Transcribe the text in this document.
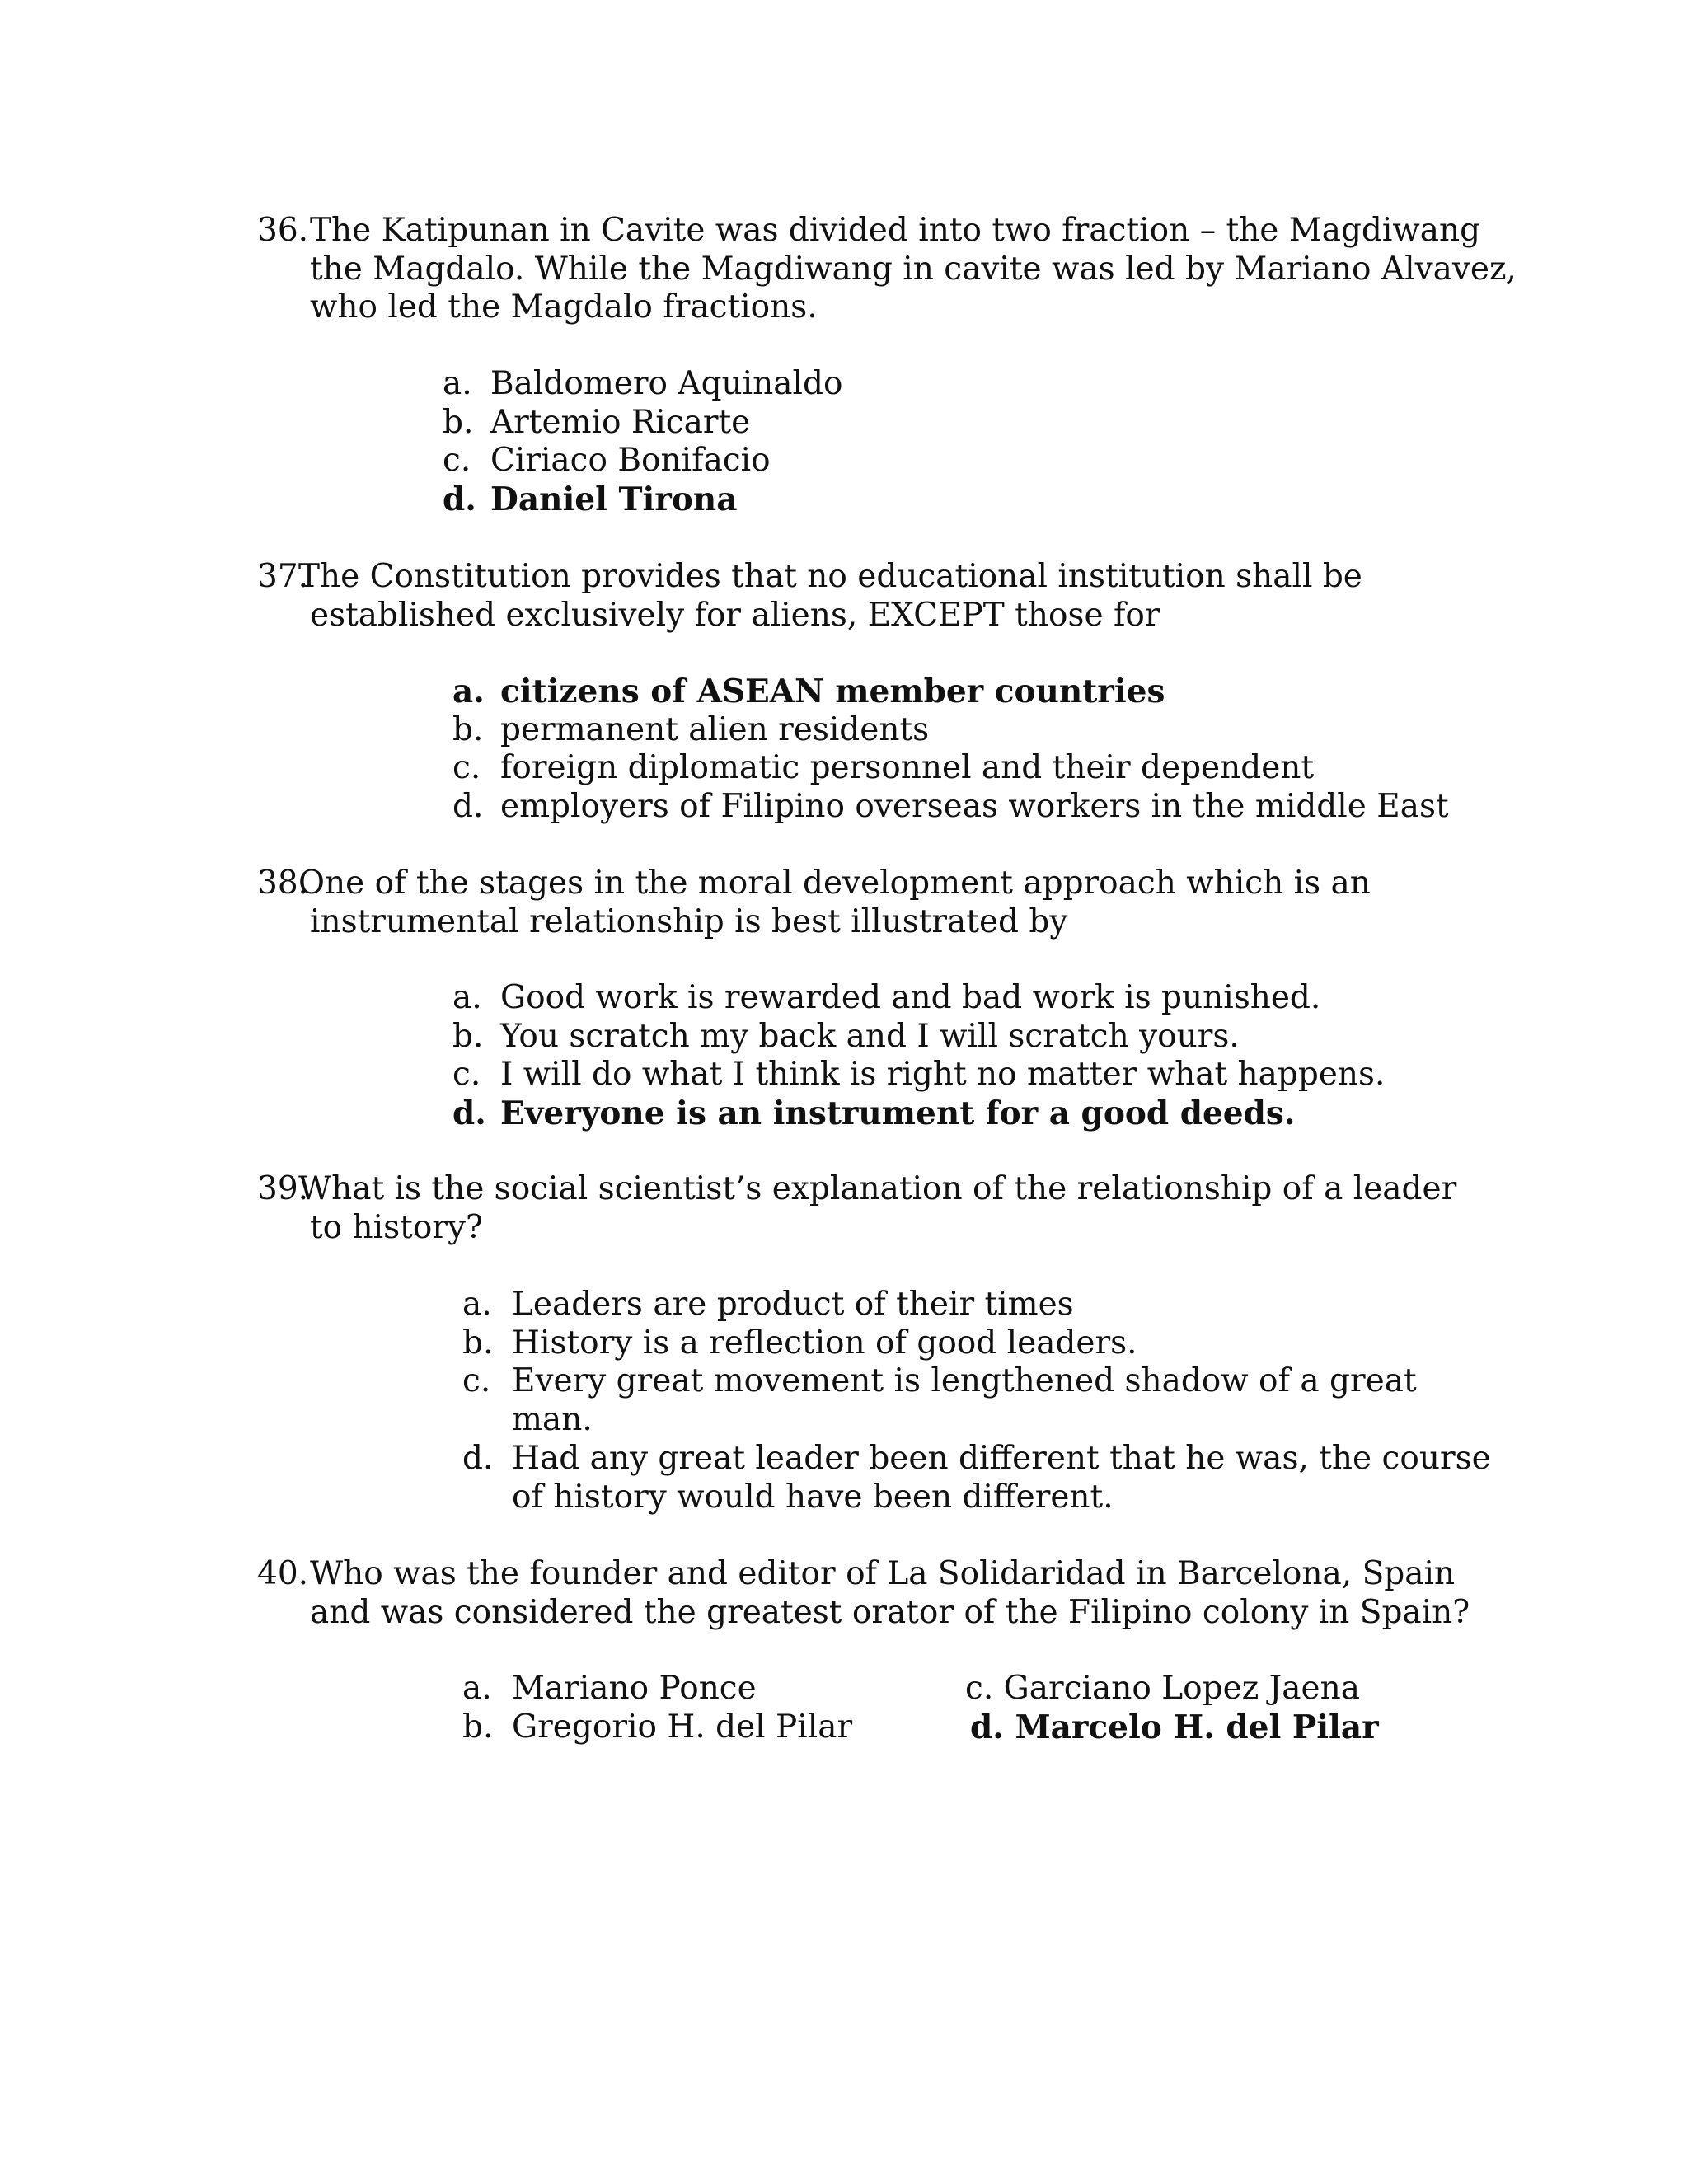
36. The Katipunan in Cavite was divided into two fraction – the Magdiwang
the Magdalo. While the Magdiwang in cavite was led by Mariano Alvavez,
who led the Magdalo fractions.
a. Baldomero Aquinaldo
b. Artemio Ricarte
c. Ciriaco Bonifacio
d. Daniel Tirona
37.
The Constitution provides that no educational institution shall be
established exclusively for aliens, EXCEPT those for
a. citizens of ASEAN member countries
b. permanent alien residents
c. foreign diplomatic personnel and their dependent
d. employers of Filipino overseas workers in the middle East
38.
One of the stages in the moral development approach which is an
instrumental relationship is best illustrated by
a. Good work is rewarded and bad work is punished.
b. You scratch my back and I will scratch yours.
c. I will do what I think is right no matter what happens.
d. Everyone is an instrument for a good deeds.
39.
What is the social scientist’s explanation of the relationship of a leader
to history?
a. Leaders are product of their times
b. History is a reflection of good leaders.
c. Every great movement is lengthened shadow of a great
man.
d. Had any great leader been different that he was, the course
of history would have been different.
40. Who was the founder and editor of La Solidaridad in Barcelona, Spain
and was considered the greatest orator of the Filipino colony in Spain?
a. Mariano Ponce
b. Gregorio H. del Pilar
c. Garciano Lopez Jaena
d. Marcelo H. del Pilar
